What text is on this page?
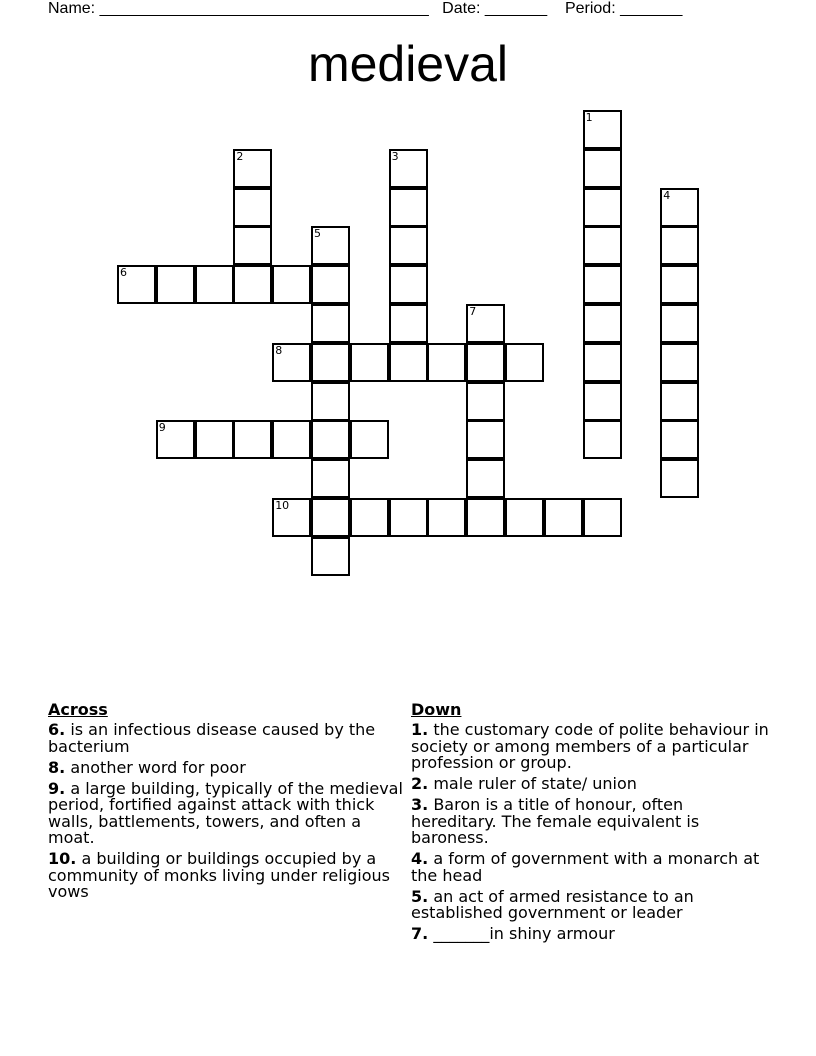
Name: _____________________________________ Date: _______ Period: _______
medieval
6
8
9
10
1
2	3
4
5
7
Across
6. is an infectious disease caused by the bacterium
8. another word for poor
9. a large building, typically of the medieval period, fortified against attack with thick walls, battlements, towers, and often a moat.
10. a building or buildings occupied by a community of monks living under religious vows
Down
1. the customary code of polite behaviour in society or among members of a particular profession or group.
2. male ruler of state/ union
3. Baron is a title of honour, often hereditary. The female equivalent is baroness.
4. a form of government with a monarch at the head
5. an act of armed resistance to an established government or leader
7. _______in shiny armour
